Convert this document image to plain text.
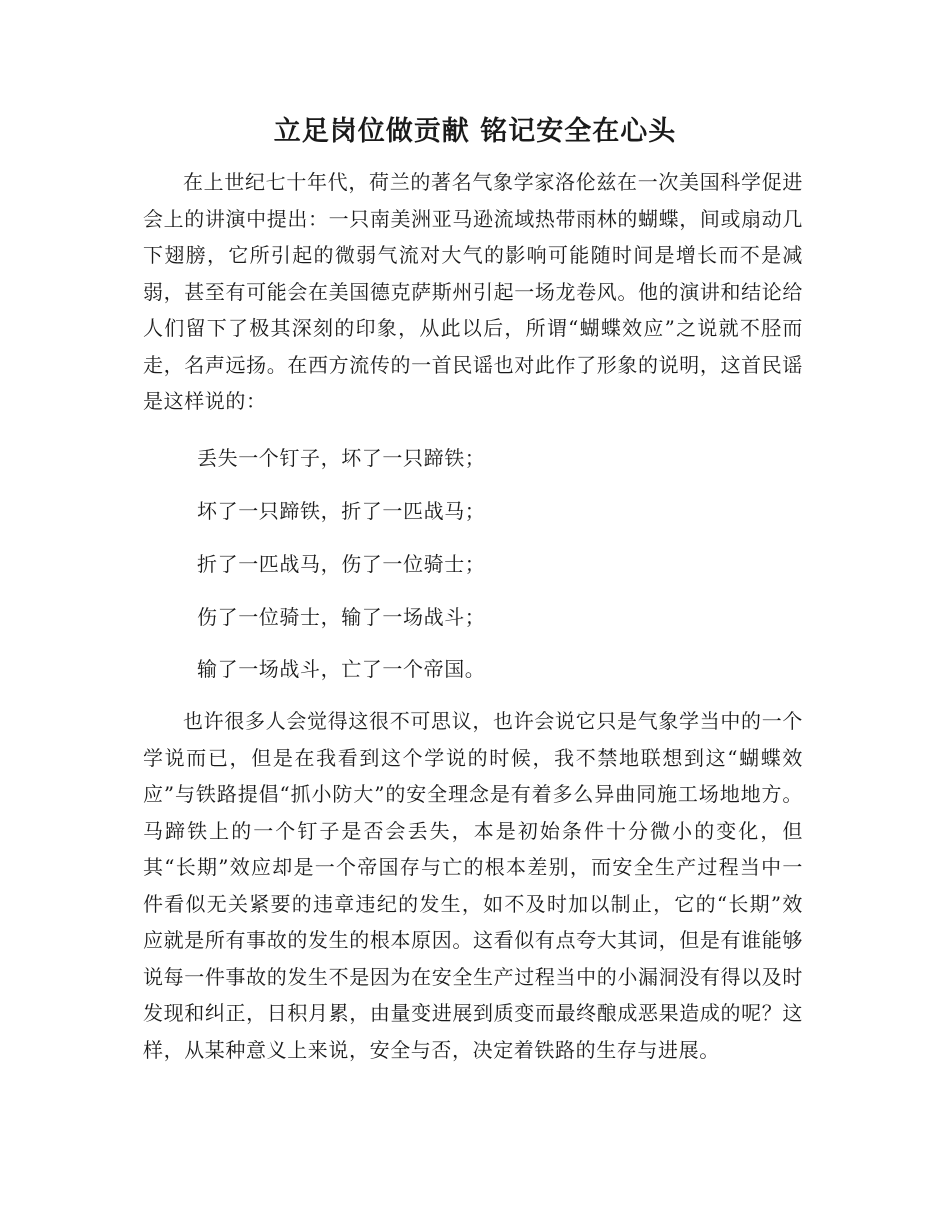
立足岗位做贡献 铭记安全在心头

在上世纪七十年代，荷兰的著名气象学家洛伦兹在一次美国科学促进会上的讲演中提出：一只南美洲亚马逊流域热带雨林的蝴蝶，间或扇动几下翅膀，它所引起的微弱气流对大气的影响可能随时间是增长而不是减弱，甚至有可能会在美国德克萨斯州引起一场龙卷风。他的演讲和结论给人们留下了极其深刻的印象，从此以后，所谓“蝴蝶效应”之说就不胫而走，名声远扬。在西方流传的一首民谣也对此作了形象的说明，这首民谣是这样说的：

丢失一个钉子，坏了一只蹄铁；

坏了一只蹄铁，折了一匹战马；

折了一匹战马，伤了一位骑士；

伤了一位骑士，输了一场战斗；

输了一场战斗，亡了一个帝国。

也许很多人会觉得这很不可思议，也许会说它只是气象学当中的一个学说而已，但是在我看到这个学说的时候，我不禁地联想到这“蝴蝶效应”与铁路提倡“抓小防大”的安全理念是有着多么异曲同施工场地地方。马蹄铁上的一个钉子是否会丢失，本是初始条件十分微小的变化，但其“长期”效应却是一个帝国存与亡的根本差别，而安全生产过程当中一件看似无关紧要的违章违纪的发生，如不及时加以制止，它的“长期”效应就是所有事故的发生的根本原因。这看似有点夸大其词，但是有谁能够说每一件事故的发生不是因为在安全生产过程当中的小漏洞没有得以及时发现和纠正，日积月累，由量变进展到质变而最终酿成恶果造成的呢？这样，从某种意义上来说，安全与否，决定着铁路的生存与进展。
